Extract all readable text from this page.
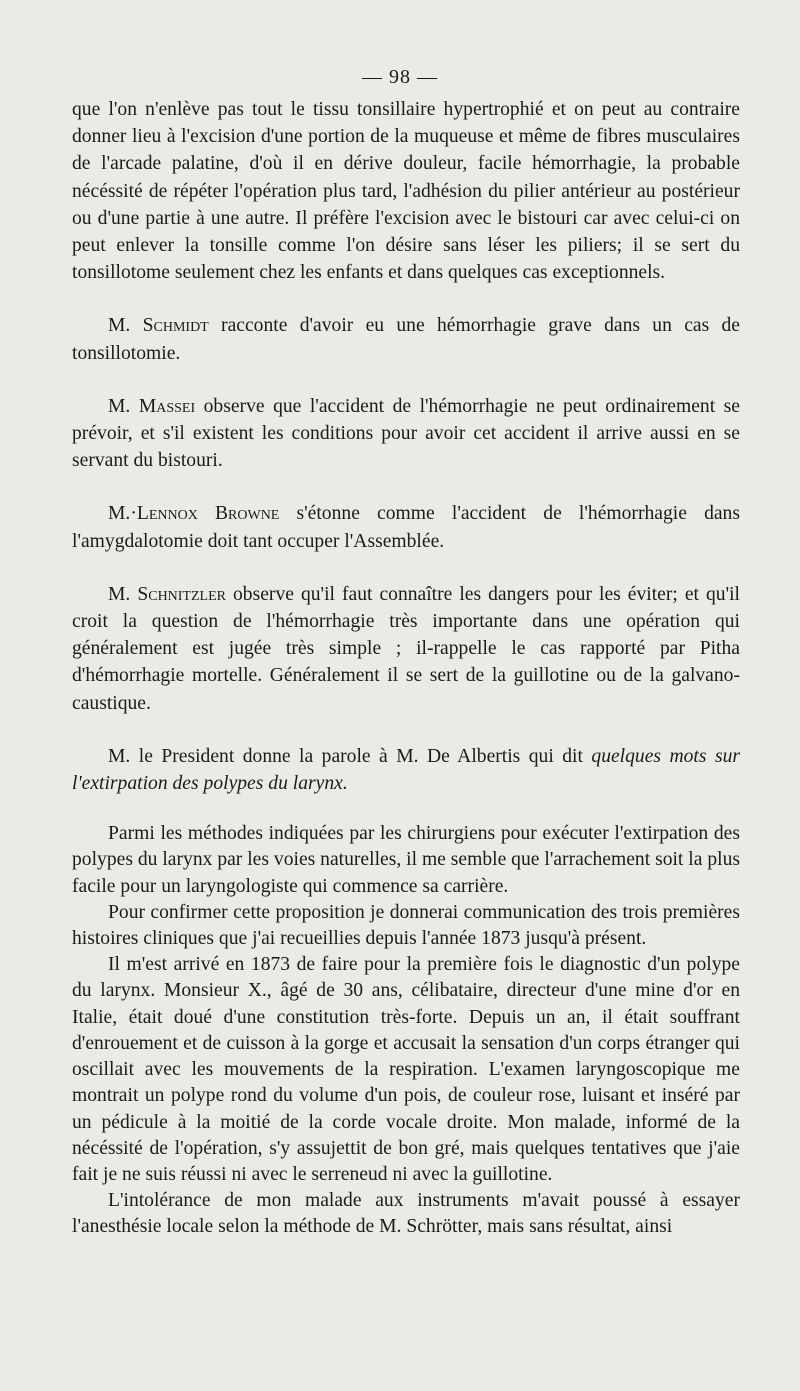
— 98 —

que l'on n'enlève pas tout le tissu tonsillaire hypertrophié et on peut au contraire donner lieu à l'excision d'une portion de la muqueuse et même de fibres musculaires de l'arcade palatine, d'où il en dérive douleur, facile hémorrhagie, la probable nécéssité de répéter l'opération plus tard, l'adhésion du pilier antérieur au postérieur ou d'une partie à une autre. Il préfère l'excision avec le bistouri car avec celui-ci on peut enlever la tonsille comme l'on désire sans léser les piliers; il se sert du tonsillotome seulement chez les enfants et dans quelques cas exceptionnels.

M. Schmidt racconte d'avoir eu une hémorrhagie grave dans un cas de tonsillotomie.

M. Massei observe que l'accident de l'hémorrhagie ne peut ordinairement se prévoir, et s'il existent les conditions pour avoir cet accident il arrive aussi en se servant du bistouri.

M.·Lennox Browne s'étonne comme l'accident de l'hémorrhagie dans l'amygdalotomie doit tant occuper l'Assemblée.

M. Schnitzler observe qu'il faut connaître les dangers pour les éviter; et qu'il croit la question de l'hémorrhagie très importante dans une opération qui généralement est jugée très simple ; il-rappelle le cas rapporté par Pitha d'hémorrhagie mortelle. Généralement il se sert de la guillotine ou de la galvano-caustique.

M. le President donne la parole à M. De Albertis qui dit quelques mots sur l'extirpation des polypes du larynx.

Parmi les méthodes indiquées par les chirurgiens pour exécuter l'extirpation des polypes du larynx par les voies naturelles, il me semble que l'arrachement soit la plus facile pour un laryngologiste qui commence sa carrière.

Pour confirmer cette proposition je donnerai communication des trois premières histoires cliniques que j'ai recueillies depuis l'année 1873 jusqu'à présent.

Il m'est arrivé en 1873 de faire pour la première fois le diagnostic d'un polype du larynx. Monsieur X., âgé de 30 ans, célibataire, directeur d'une mine d'or en Italie, était doué d'une constitution très-forte. Depuis un an, il était souffrant d'enrouement et de cuisson à la gorge et accusait la sensation d'un corps étranger qui oscillait avec les mouvements de la respiration. L'examen laryngoscopique me montrait un polype rond du volume d'un pois, de couleur rose, luisant et inséré par un pédicule à la moitié de la corde vocale droite. Mon malade, informé de la nécéssité de l'opération, s'y assujettit de bon gré, mais quelques tentatives que j'aie fait je ne suis réussi ni avec le serreneud ni avec la guillotine.

L'intolérance de mon malade aux instruments m'avait poussé à essayer l'anesthésie locale selon la méthode de M. Schrötter, mais sans résultat, ainsi
